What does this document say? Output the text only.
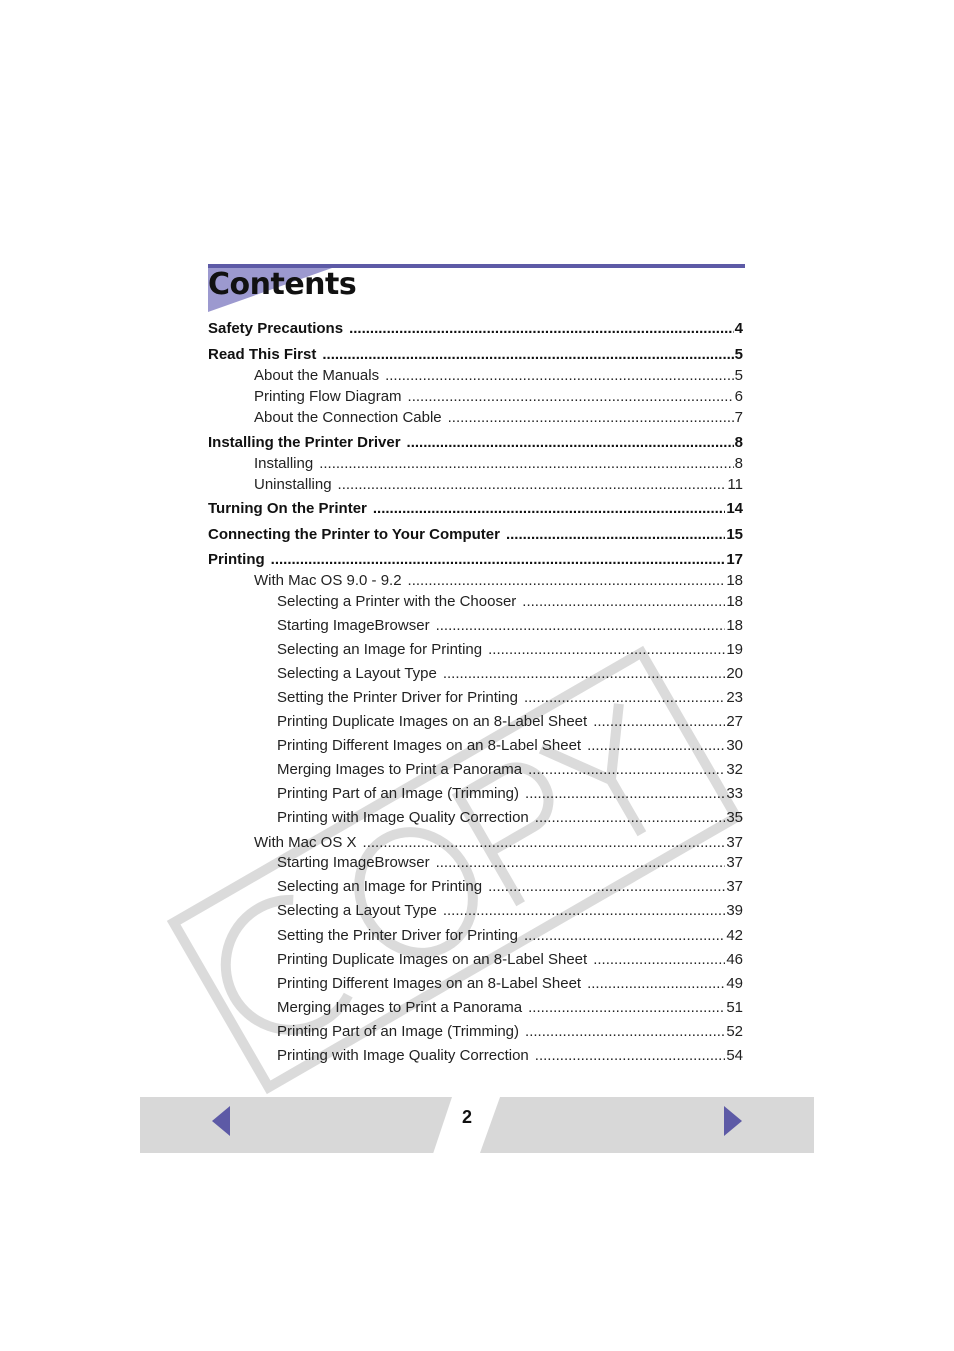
Contents
Safety Precautions .....	4
Read This First .....	5
About the Manuals .....	5
Printing Flow Diagram .....	6
About the Connection Cable .....	7
Installing the Printer Driver .....	8
Installing .....	8
Uninstalling .....	11
Turning On the Printer .....	14
Connecting the Printer to Your Computer .....	15
Printing .....	17
With Mac OS 9.0 - 9.2 .....	18
Selecting a Printer with the Chooser .....	18
Starting ImageBrowser .....	18
Selecting an Image for Printing .....	19
Selecting a Layout Type .....	20
Setting the Printer Driver for Printing .....	23
Printing Duplicate Images on an 8-Label Sheet .....	27
Printing Different Images on an 8-Label Sheet .....	30
Merging Images to Print a Panorama .....	32
Printing Part of an Image (Trimming) .....	33
Printing with Image Quality Correction .....	35
With Mac OS X .....	37
Starting ImageBrowser .....	37
Selecting an Image for Printing .....	37
Selecting a Layout Type .....	39
Setting the Printer Driver for Printing .....	42
Printing Duplicate Images on an 8-Label Sheet .....	46
Printing Different Images on an 8-Label Sheet .....	49
Merging Images to Print a Panorama .....	51
Printing Part of an Image (Trimming) .....	52
Printing with Image Quality Correction .....	54
2
